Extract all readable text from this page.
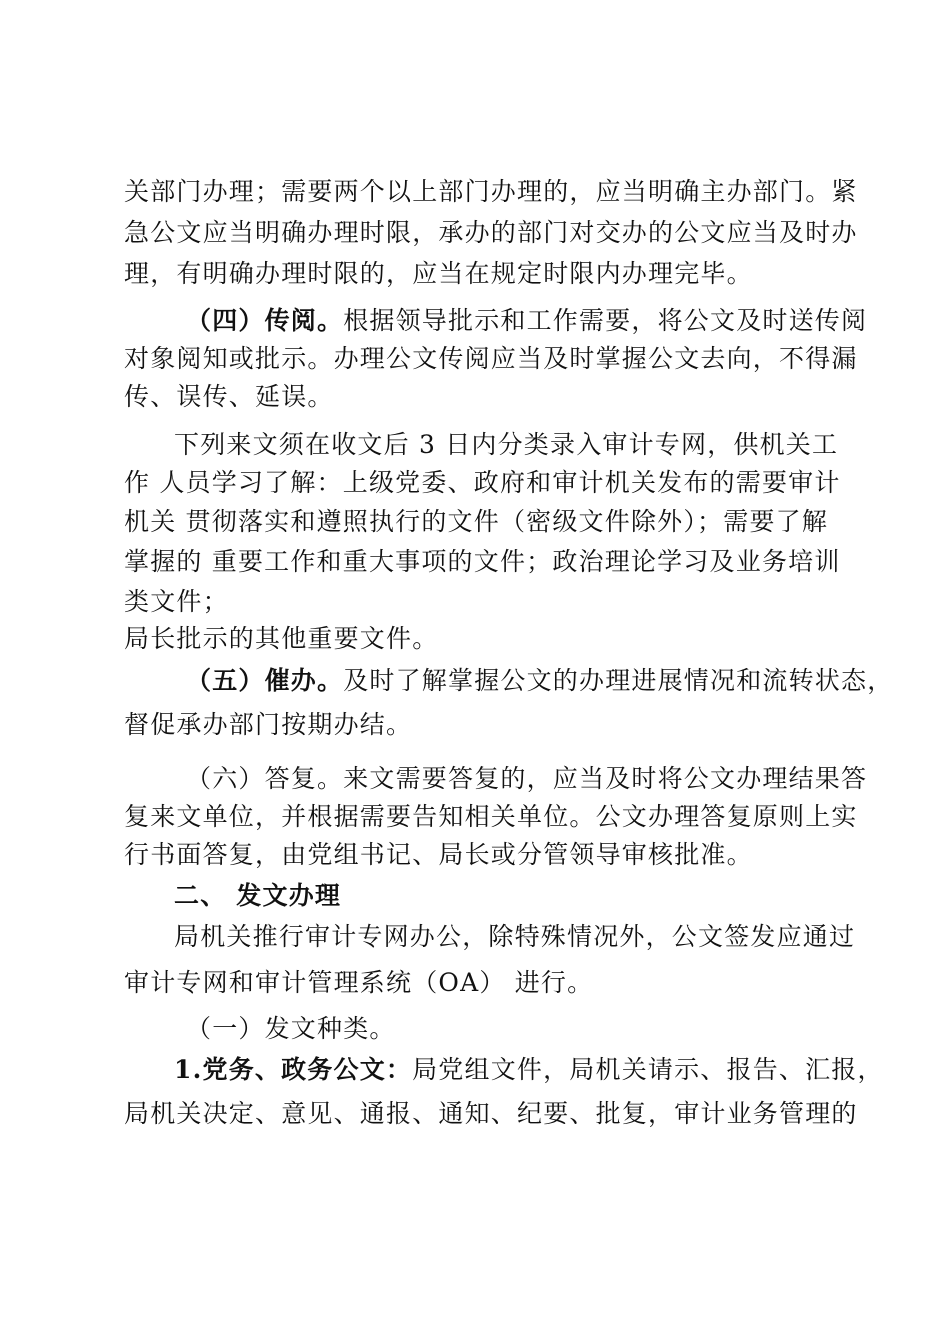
关部门办理；需要两个以上部门办理的，应当明确主办部门。紧
急公文应当明确办理时限，承办的部门对交办的公文应当及时办
理，有明确办理时限的，应当在规定时限内办理完毕。
（四）传阅。根据领导批示和工作需要，将公文及时送传阅
对象阅知或批示。办理公文传阅应当及时掌握公文去向，不得漏
传、误传、延误。
下列来文须在收文后 3 日内分类录入审计专网，供机关工
作 人员学习了解：上级党委、政府和审计机关发布的需要审计
机关 贯彻落实和遵照执行的文件（密级文件除外）；需要了解
掌握的 重要工作和重大事项的文件；政治理论学习及业务培训
类文件；
局长批示的其他重要文件。
（五）催办。及时了解掌握公文的办理进展情况和流转状态，
督促承办部门按期办结。
（六）答复。来文需要答复的，应当及时将公文办理结果答
复来文单位，并根据需要告知相关单位。公文办理答复原则上实
行书面答复，由党组书记、局长或分管领导审核批准。
二、 发文办理
局机关推行审计专网办公，除特殊情况外，公文签发应通过
审计专网和审计管理系统（OA） 进行。
（一）发文种类。
1.党务、政务公文：局党组文件，局机关请示、报告、汇报，
局机关决定、意见、通报、通知、纪要、批复，审计业务管理的
